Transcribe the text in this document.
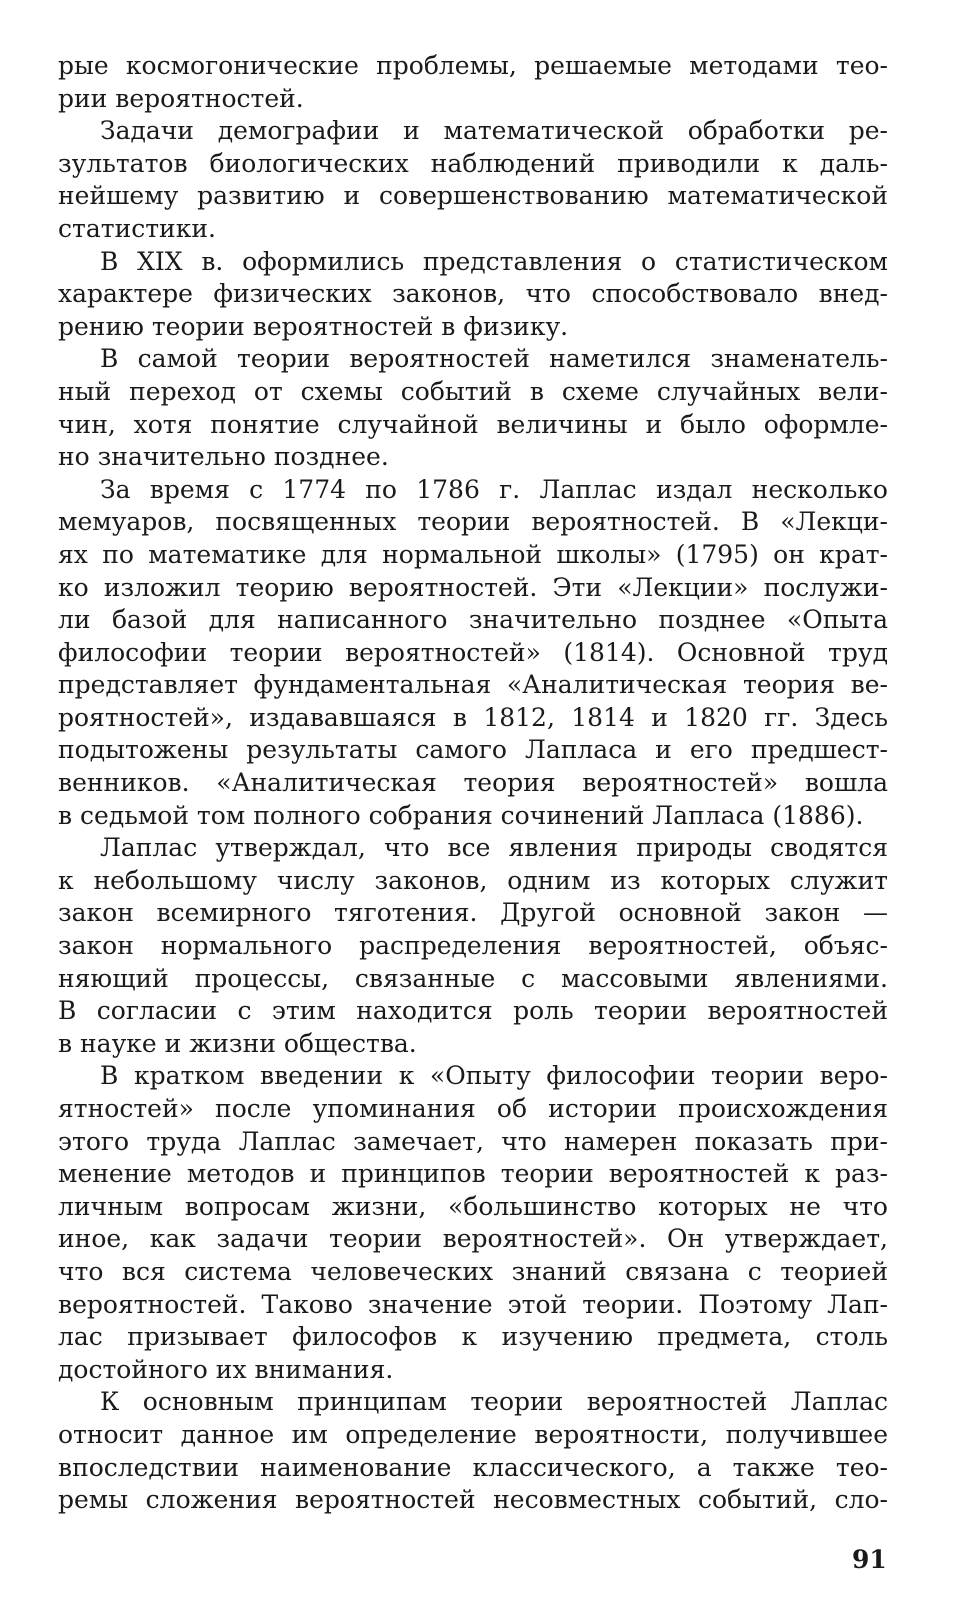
рые космогонические проблемы, решаемые методами тео-
рии вероятностей.
Задачи демографии и математической обработки ре-
зультатов биологических наблюдений приводили к даль-
нейшему развитию и совершенствованию математической
статистики.
В XIX в. оформились представления о статистическом
характере физических законов, что способствовало внед-
рению теории вероятностей в физику.
В самой теории вероятностей наметился знаменатель-
ный переход от схемы событий в схеме случайных вели-
чин, хотя понятие случайной величины и было оформле-
но значительно позднее.
За время с 1774 по 1786 г. Лаплас издал несколько
мемуаров, посвященных теории вероятностей. В «Лекци-
ях по математике для нормальной школы» (1795) он крат-
ко изложил теорию вероятностей. Эти «Лекции» послужи-
ли базой для написанного значительно позднее «Опыта
философии теории вероятностей» (1814). Основной труд
представляет фундаментальная «Аналитическая теория ве-
роятностей», издававшаяся в 1812, 1814 и 1820 гг. Здесь
подытожены результаты самого Лапласа и его предшест-
венников. «Аналитическая теория вероятностей» вошла
в седьмой том полного собрания сочинений Лапласа (1886).
Лаплас утверждал, что все явления природы сводятся
к небольшому числу законов, одним из которых служит
закон всемирного тяготения. Другой основной закон —
закон нормального распределения вероятностей, объяс-
няющий процессы, связанные с массовыми явлениями.
В согласии с этим находится роль теории вероятностей
в науке и жизни общества.
В кратком введении к «Опыту философии теории веро-
ятностей» после упоминания об истории происхождения
этого труда Лаплас замечает, что намерен показать при-
менение методов и принципов теории вероятностей к раз-
личным вопросам жизни, «большинство которых не что
иное, как задачи теории вероятностей». Он утверждает,
что вся система человеческих знаний связана с теорией
вероятностей. Таково значение этой теории. Поэтому Лап-
лас призывает философов к изучению предмета, столь
достойного их внимания.
К основным принципам теории вероятностей Лаплас
относит данное им определение вероятности, получившее
впоследствии наименование классического, а также тео-
ремы сложения вероятностей несовместных событий, сло-
91
